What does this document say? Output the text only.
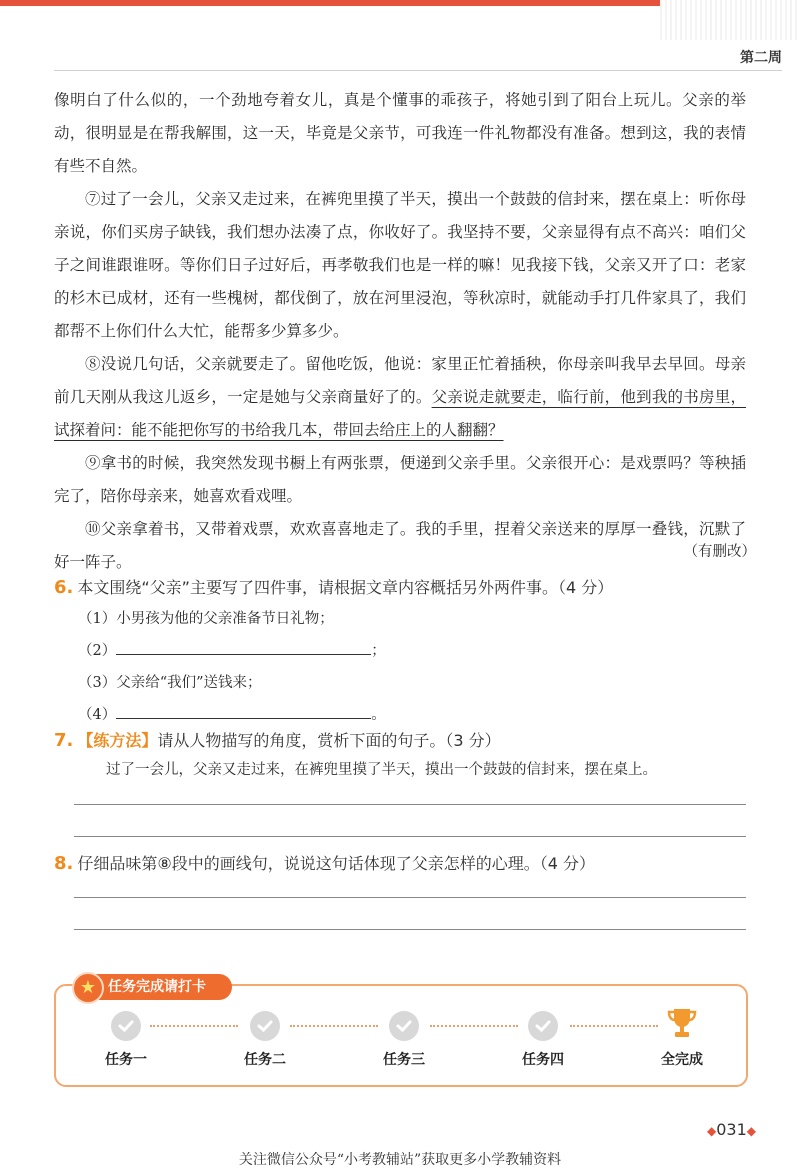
第二周

像明白了什么似的，一个劲地夸着女儿，真是个懂事的乖孩子，将她引到了阳台上玩儿。父亲的举动，很明显是在帮我解围，这一天，毕竟是父亲节，可我连一件礼物都没有准备。想到这，我的表情有些不自然。

⑦过了一会儿，父亲又走过来，在裤兜里摸了半天，摸出一个鼓鼓的信封来，摆在桌上：听你母亲说，你们买房子缺钱，我们想办法凑了点，你收好了。我坚持不要，父亲显得有点不高兴：咱们父子之间谁跟谁呀。等你们日子过好后，再孝敬我们也是一样的嘛！见我接下钱，父亲又开了口：老家的杉木已成材，还有一些槐树，都伐倒了，放在河里浸泡，等秋凉时，就能动手打几件家具了，我们都帮不上你们什么大忙，能帮多少算多少。

⑧没说几句话，父亲就要走了。留他吃饭，他说：家里正忙着插秧，你母亲叫我早去早回。母亲前几天刚从我这儿返乡，一定是她与父亲商量好了的。父亲说走就要走，临行前，他到我的书房里，试探着问：能不能把你写的书给我几本，带回去给庄上的人翻翻？

⑨拿书的时候，我突然发现书橱上有两张票，便递到父亲手里。父亲很开心：是戏票吗？等秧插完了，陪你母亲来，她喜欢看戏哩。

⑩父亲拿着书，又带着戏票，欢欢喜喜地走了。我的手里，捏着父亲送来的厚厚一叠钱，沉默了好一阵子。

（有删改）
6. 本文围绕“父亲”主要写了四件事，请根据文章内容概括另外两件事。（4 分）
（1）小男孩为他的父亲准备节日礼物；
（2）	；
（3）父亲给“我们”送钱来；
（4）	。
7. 【练方法】请从人物描写的角度，赏析下面的句子。（3 分）
过了一会儿，父亲又走过来，在裤兜里摸了半天，摸出一个鼓鼓的信封来，摆在桌上。
8. 仔细品味第⑧段中的画线句，说说这句话体现了父亲怎样的心理。（4 分）
任务完成请打卡
★
任务一	任务二	任务三	任务四	全完成
◆031◆
关注微信公众号“小考教辅站”获取更多小学教辅资料
